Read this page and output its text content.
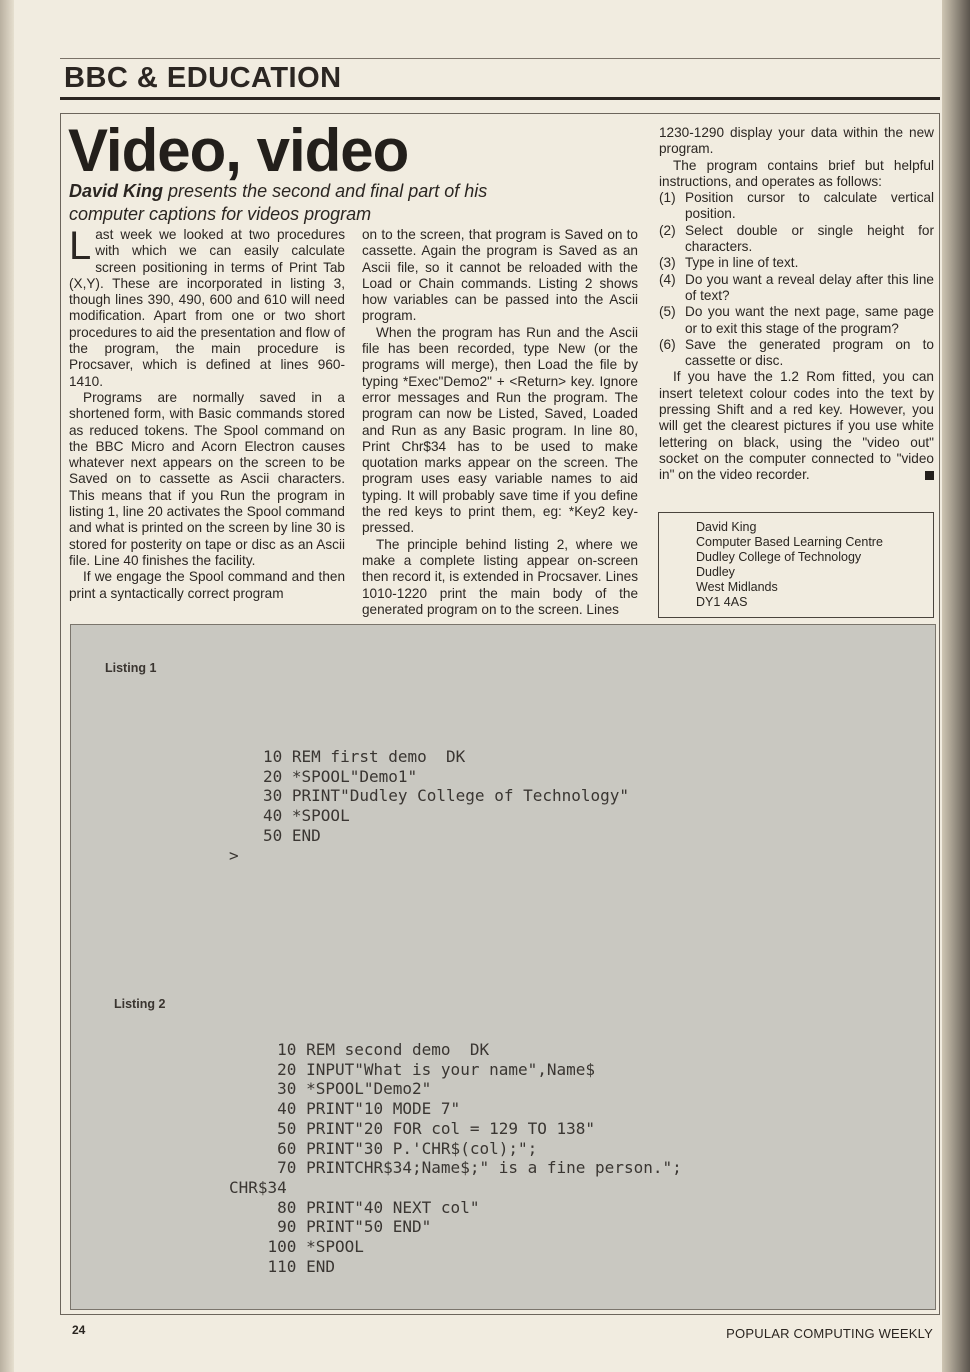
BBC & EDUCATION
Video, video
David King presents the second and final part of his computer captions for videos program

Last week we looked at two procedures with which we can easily calculate screen positioning in terms of Print Tab (X,Y). These are incorporated in listing 3, though lines 390, 490, 600 and 610 will need modification. Apart from one or two short procedures to aid the presentation and flow of the program, the main procedure is Procsaver, which is defined at lines 960-1410.

Programs are normally saved in a shortened form, with Basic commands stored as reduced tokens. The Spool command on the BBC Micro and Acorn Electron causes whatever next appears on the screen to be Saved on to cassette as Ascii characters. This means that if you Run the program in listing 1, line 20 activates the Spool command and what is printed on the screen by line 30 is stored for posterity on tape or disc as an Ascii file. Line 40 finishes the facility.

If we engage the Spool command and then print a syntactically correct program

on to the screen, that program is Saved on to cassette. Again the program is Saved as an Ascii file, so it cannot be reloaded with the Load or Chain commands. Listing 2 shows how variables can be passed into the Ascii program.

When the program has Run and the Ascii file has been recorded, type New (or the programs will merge), then Load the file by typing *Exec"Demo2" + <Return> key. Ignore error messages and Run the program. The program can now be Listed, Saved, Loaded and Run as any Basic program. In line 80, Print Chr$34 has to be used to make quotation marks appear on the screen. The program uses easy variable names to aid typing. It will probably save time if you define the red keys to print them, eg: *Key2 key-pressed.

The principle behind listing 2, where we make a complete listing appear on-screen then record it, is extended in Procsaver. Lines 1010-1220 print the main body of the generated program on to the screen. Lines

1230-1290 display your data within the new program.

The program contains brief but helpful instructions, and operates as follows:

(1) Position cursor to calculate vertical position.
(2) Select double or single height for characters.
(3) Type in line of text.
(4) Do you want a reveal delay after this line of text?
(5) Do you want the next page, same page or to exit this stage of the program?
(6) Save the generated program on to cassette or disc.

If you have the 1.2 Rom fitted, you can insert teletext colour codes into the text by pressing Shift and a red key. However, you will get the clearest pictures if you use white lettering on black, using the "video out" socket on the computer connected to "video in" on the video recorder.

David King
Computer Based Learning Centre
Dudley College of Technology
Dudley
West Midlands
DY1 4AS
Listing 1
10 REM first demo  DK
20 *SPOOL"Demo1"
30 PRINT"Dudley College of Technology"
40 *SPOOL
50 END
>
Listing 2
10 REM second demo  DK
20 INPUT"What is your name",Name$
30 *SPOOL"Demo2"
40 PRINT"10 MODE 7"
50 PRINT"20 FOR col = 129 TO 138"
60 PRINT"30 P.'CHR$(col);";
70 PRINTCHR$34;Name$;" is a fine person.";
CHR$34
80 PRINT"40 NEXT col"
90 PRINT"50 END"
100 *SPOOL
110 END
24	POPULAR COMPUTING WEEKLY
